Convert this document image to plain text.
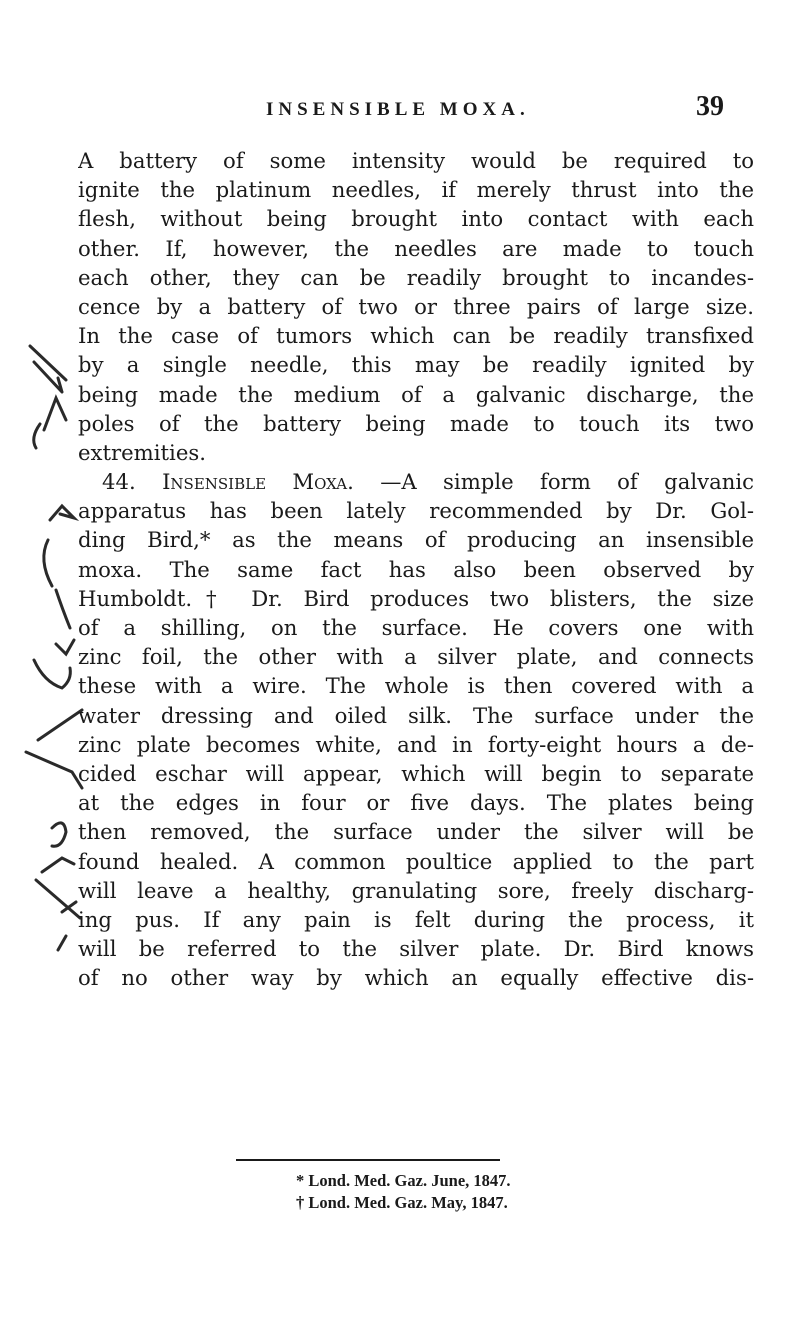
INSENSIBLE MOXA.	39
A battery of some intensity would be required to
ignite the platinum needles, if merely thrust into the
flesh, without being brought into contact with each
other. If, however, the needles are made to touch
each other, they can be readily brought to incandes-
cence by a battery of two or three pairs of large size.
In the case of tumors which can be readily transfixed
by a single needle, this may be readily ignited by
being made the medium of a galvanic discharge, the
poles of the battery being made to touch its two
extremities.
44. Insensible Moxa. —A simple form of galvanic
apparatus has been lately recommended by Dr. Gol-
ding Bird,* as the means of producing an insensible
moxa. The same fact has also been observed by
Humboldt.† Dr. Bird produces two blisters, the size
of a shilling, on the surface. He covers one with
zinc foil, the other with a silver plate, and connects
these with a wire. The whole is then covered with a
water dressing and oiled silk. The surface under the
zinc plate becomes white, and in forty-eight hours a de-
cided eschar will appear, which will begin to separate
at the edges in four or five days. The plates being
then removed, the surface under the silver will be
found healed. A common poultice applied to the part
will leave a healthy, granulating sore, freely discharg-
ing pus. If any pain is felt during the process, it
will be referred to the silver plate. Dr. Bird knows
of no other way by which an equally effective dis-
* Lond. Med. Gaz. June, 1847.
† Lond. Med. Gaz. May, 1847.
